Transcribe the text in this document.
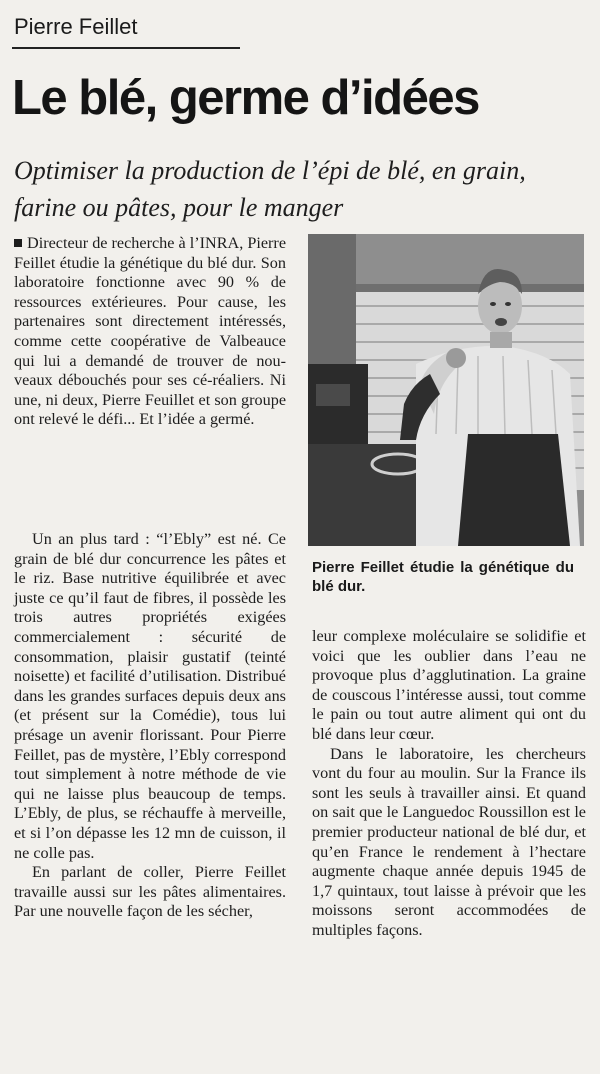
Pierre Feillet
Le blé, germe d’idées
Optimiser la production de l’épi de blé, en grain, farine ou pâtes, pour le manger

Directeur de recherche à l’INRA, Pierre Feillet étudie la génétique du blé dur. Son laboratoire fonctionne avec 90 % de ressources extérieures. Pour cause, les partenaires sont directement intéressés, comme cette coopérative de Valbeauce qui lui a demandé de trouver de nou-veaux débouchés pour ses cé-réaliers. Ni une, ni deux, Pierre Feuillet et son groupe ont relevé le défi... Et l’idée a germé.

Un an plus tard : “l’Ebly” est né. Ce grain de blé dur concurrence les pâtes et le riz. Base nutritive équilibrée et avec juste ce qu’il faut de fibres, il possède les trois autres propriétés exigées commercialement : sécurité de consommation, plaisir gustatif (teinté noisette) et facilité d’utilisation. Distribué dans les grandes surfaces depuis deux ans (et présent sur la Comédie), tous lui présage un avenir florissant. Pour Pierre Feillet, pas de mystère, l’Ebly correspond tout simplement à notre méthode de vie qui ne laisse plus beaucoup de temps. L’Ebly, de plus, se réchauffe à merveille, et si l’on dépasse les 12 mn de cuisson, il ne colle pas.

En parlant de coller, Pierre Feillet travaille aussi sur les pâtes alimentaires. Par une nouvelle façon de les sécher,

Pierre Feillet étudie la génétique du blé dur.

leur complexe moléculaire se solidifie et voici que les oublier dans l’eau ne provoque plus d’agglutination. La graine de couscous l’intéresse aussi, tout comme le pain ou tout autre aliment qui ont du blé dans leur cœur.

Dans le laboratoire, les chercheurs vont du four au moulin. Sur la France ils sont les seuls à travailler ainsi. Et quand on sait que le Languedoc Roussillon est le premier producteur national de blé dur, et qu’en France le rendement à l’hectare augmente chaque année depuis 1945 de 1,7 quintaux, tout laisse à prévoir que les moissons seront accommodées de multiples façons.
